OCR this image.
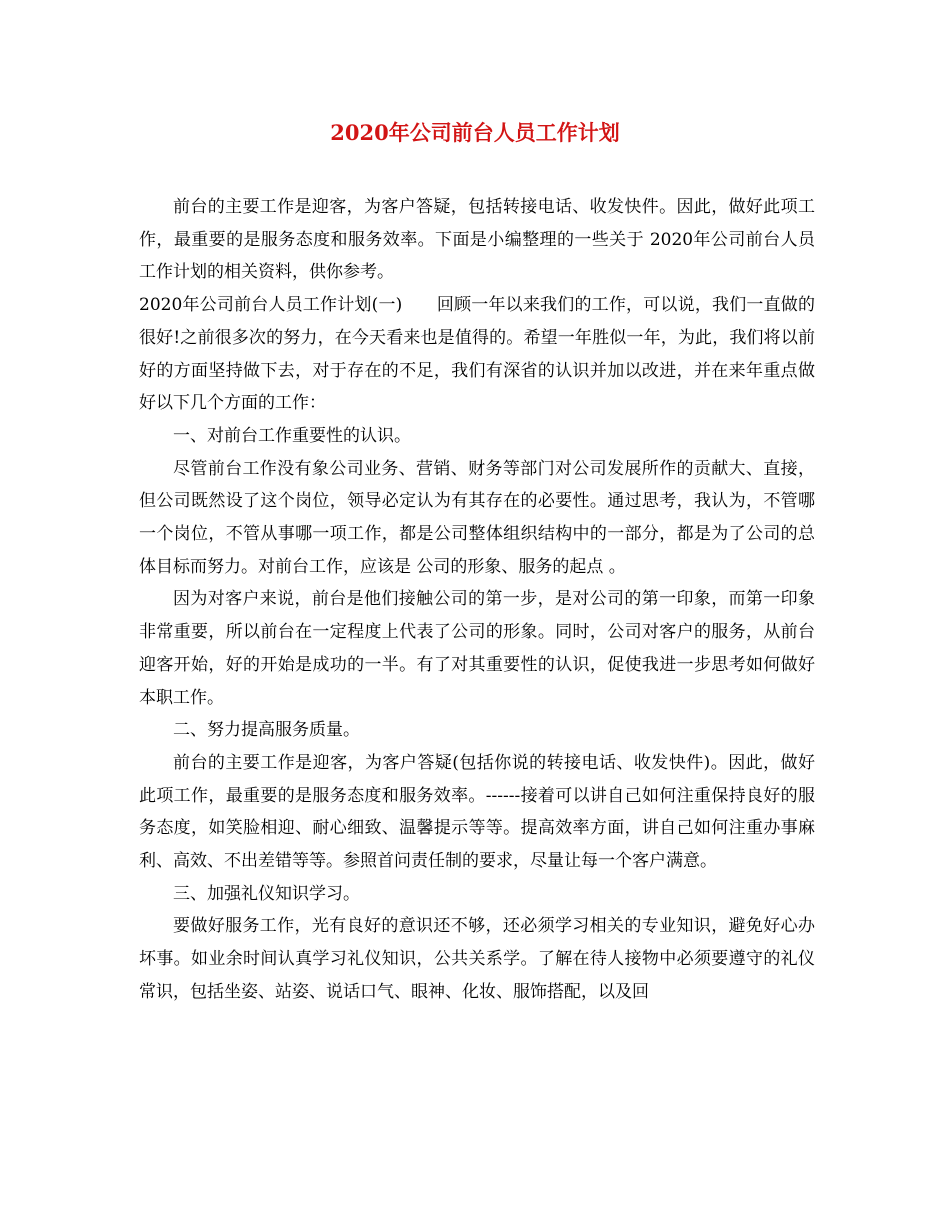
2020年公司前台人员工作计划

前台的主要工作是迎客，为客户答疑，包括转接电话、收发快件。因此，做好此项工作，最重要的是服务态度和服务效率。下面是小编整理的一些关于 2020年公司前台人员工作计划的相关资料，供你参考。

2020年公司前台人员工作计划(一)　　回顾一年以来我们的工作，可以说，我们一直做的很好!之前很多次的努力，在今天看来也是值得的。希望一年胜似一年，为此，我们将以前好的方面坚持做下去，对于存在的不足，我们有深省的认识并加以改进，并在来年重点做好以下几个方面的工作：

一、对前台工作重要性的认识。

尽管前台工作没有象公司业务、营销、财务等部门对公司发展所作的贡献大、直接，但公司既然设了这个岗位，领导必定认为有其存在的必要性。通过思考，我认为，不管哪一个岗位，不管从事哪一项工作，都是公司整体组织结构中的一部分，都是为了公司的总体目标而努力。对前台工作，应该是 公司的形象、服务的起点 。

因为对客户来说，前台是他们接触公司的第一步，是对公司的第一印象，而第一印象非常重要，所以前台在一定程度上代表了公司的形象。同时，公司对客户的服务，从前台迎客开始，好的开始是成功的一半。有了对其重要性的认识，促使我进一步思考如何做好本职工作。

二、努力提高服务质量。

前台的主要工作是迎客，为客户答疑(包括你说的转接电话、收发快件)。因此，做好此项工作，最重要的是服务态度和服务效率。------接着可以讲自己如何注重保持良好的服务态度，如笑脸相迎、耐心细致、温馨提示等等。提高效率方面，讲自己如何注重办事麻利、高效、不出差错等等。参照首问责任制的要求，尽量让每一个客户满意。

三、加强礼仪知识学习。

要做好服务工作，光有良好的意识还不够，还必须学习相关的专业知识，避免好心办坏事。如业余时间认真学习礼仪知识，公共关系学。了解在待人接物中必须要遵守的礼仪常识，包括坐姿、站姿、说话口气、眼神、化妆、服饰搭配，以及回
